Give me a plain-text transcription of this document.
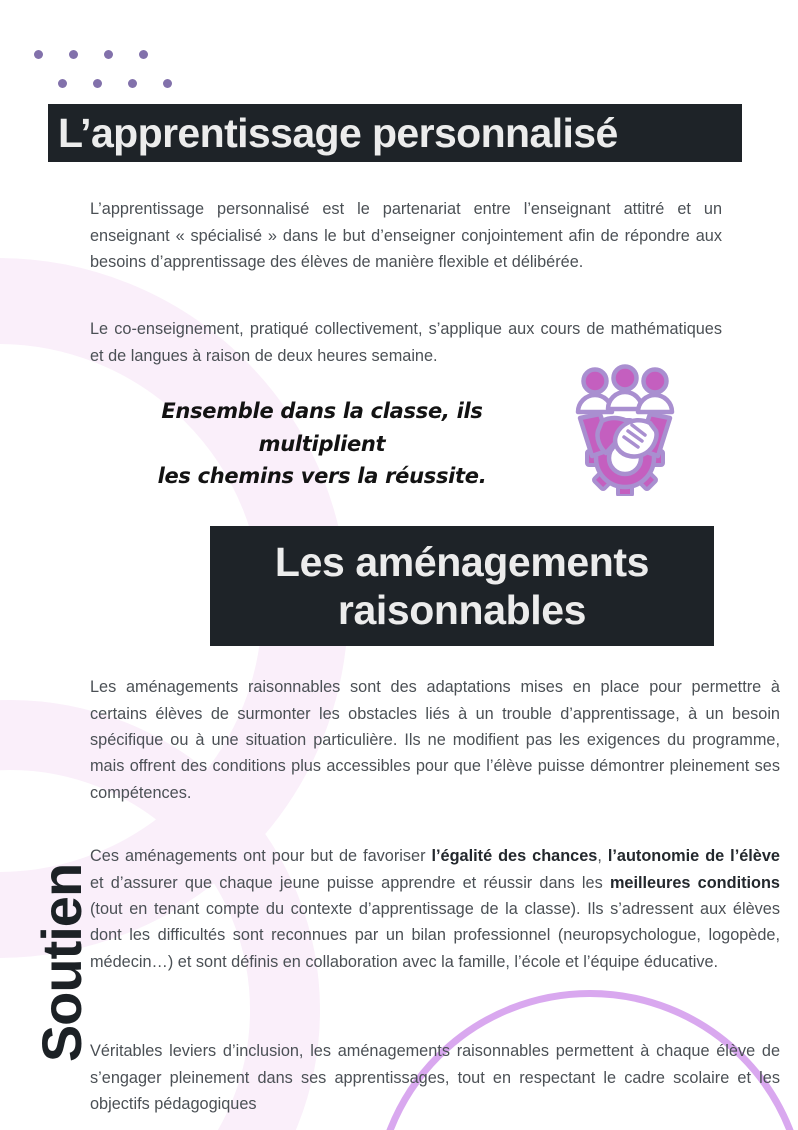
Soutien
L’apprentissage personnalisé

L’apprentissage personnalisé est le partenariat entre l’enseignant attitré et un enseignant « spécialisé » dans le but d’enseigner conjointement afin de répondre aux besoins d’apprentissage des élèves de manière flexible et délibérée.

Le co-enseignement, pratiqué collectivement, s’applique aux cours de mathématiques et de langues à raison de deux heures semaine.

Ensemble dans la classe, ils multiplient
les chemins vers la réussite.
Les aménagements
raisonnables

Les aménagements raisonnables sont des adaptations mises en place pour permettre à certains élèves de surmonter les obstacles liés à un trouble d’apprentissage, à un besoin spécifique ou à une situation particulière. Ils ne modifient pas les exigences du programme, mais offrent des conditions plus accessibles pour que l’élève puisse démontrer pleinement ses compétences.

Ces aménagements ont pour but de favoriser l’égalité des chances, l’autonomie de l’élève et d’assurer que chaque jeune puisse apprendre et réussir dans les meilleures conditions (tout en tenant compte du contexte d’apprentissage de la classe). Ils s’adressent aux élèves dont les difficultés sont reconnues par un bilan professionnel (neuropsychologue, logopède, médecin…) et sont définis en collaboration avec la famille, l’école et l’équipe éducative.

Véritables leviers d’inclusion, les aménagements raisonnables permettent à chaque élève de s’engager pleinement dans ses apprentissages, tout en respectant le cadre scolaire et les objectifs pédagogiques
